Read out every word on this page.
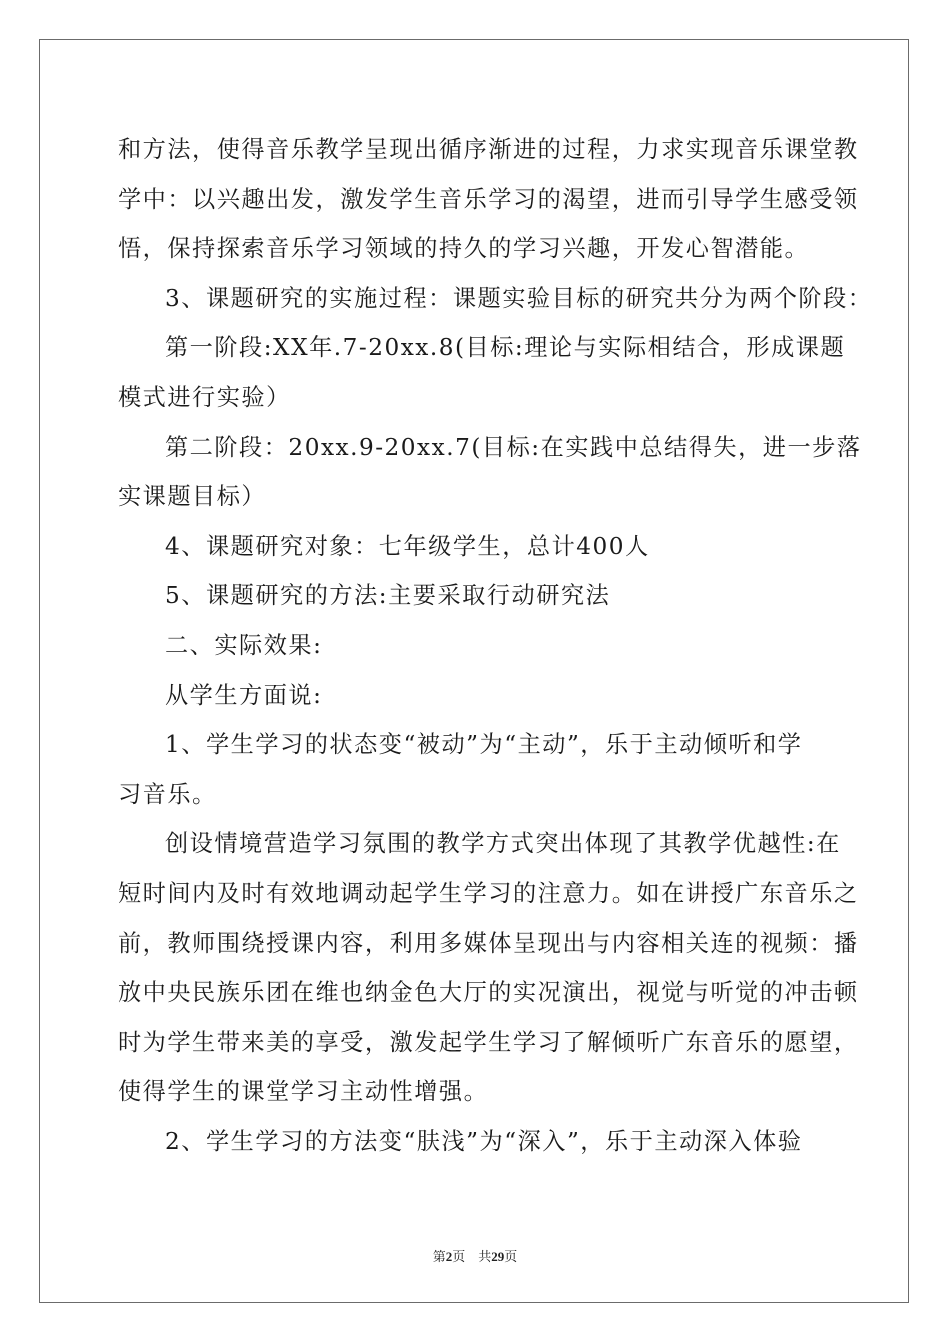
和方法，使得音乐教学呈现出循序渐进的过程，力求实现音乐课堂教
学中：以兴趣出发，激发学生音乐学习的渴望，进而引导学生感受领
悟，保持探索音乐学习领域的持久的学习兴趣，开发心智潜能。
3、课题研究的实施过程：课题实验目标的研究共分为两个阶段：
第一阶段:XX年.7-20xx.8(目标:理论与实际相结合，形成课题
模式进行实验）
第二阶段：20xx.9-20xx.7(目标:在实践中总结得失，进一步落
实课题目标）
4、课题研究对象：七年级学生，总计400人
5、课题研究的方法:主要采取行动研究法
二、实际效果:
从学生方面说:
1、学生学习的状态变“被动”为“主动”，乐于主动倾听和学
习音乐。
创设情境营造学习氛围的教学方式突出体现了其教学优越性:在
短时间内及时有效地调动起学生学习的注意力。如在讲授广东音乐之
前，教师围绕授课内容，利用多媒体呈现出与内容相关连的视频：播
放中央民族乐团在维也纳金色大厅的实况演出，视觉与听觉的冲击顿
时为学生带来美的享受，激发起学生学习了解倾听广东音乐的愿望，
使得学生的课堂学习主动性增强。
2、学生学习的方法变“肤浅”为“深入”，乐于主动深入体验
第2页    共29页
